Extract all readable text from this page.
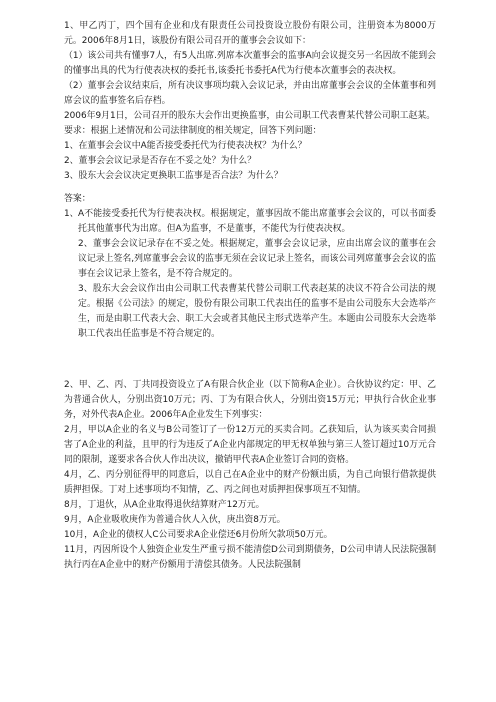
1、甲乙丙丁，四个国有企业和戊有限责任公司投资设立股份有限公司，注册资本为8000万元。2006年8月1日，该股份有限公司召开的董事会会议如下：

（1）该公司共有懂事7人，有5人出席.列席本次董事会的监事A向会议提交另一名因故不能到会的懂事出具的代为行使表决权的委托书,该委托书委托A代为行使本次董事会的表决权。

（2）董事会会议结束后，所有决议事项均载入会议记录，并由出席董事会会议的全体董事和列席会议的监事签名后存档。

2006年9月1日，公司召开的股东大会作出更换监事，由公司职工代表曹某代替公司职工赵某。

要求：根据上述情况和公司法律制度的相关规定，回答下列问题：

1、在董事会会议中A能否接受委托代为行使表决权？为什么？

2、董事会会议记录是否存在不妥之处？为什么？

3、股东大会会议决定更换职工监事是否合法？为什么？

答案：

1、 A不能接受委托代为行使表决权。根据规定，董事因故不能出席董事会会议的，可以书面委托其他董事代为出席。但A为监事，不是董事，不能代为行使表决权。
2、董事会会议记录存在不妥之处。根据规定，董事会会议记录，应由出席会议的董事在会议记录上签名,列席董事会会议的监事无须在会议记录上签名，而该公司列席董事会会议的监事在会议记录上签名，是不符合规定的。
3、股东大会会议作出由公司职工代表曹某代替公司职工代表赵某的决议不符合公司法的规定。根据《公司法》的规定，股份有限公司职工代表出任的监事不是由公司股东大会选举产生，而是由职工代表大会、职工大会或者其他民主形式选举产生。本题由公司股东大会选举职工代表出任监事是不符合规定的。

2、甲、乙、丙、丁共同投资设立了A有限合伙企业（以下简称A企业）。合伙协议约定：甲、乙为普通合伙人，分别出资10万元；丙、丁为有限合伙人，分别出资15万元；甲执行合伙企业事务，对外代表A企业。2006年A企业发生下列事实：

2月，甲以A企业的名义与B公司签订了一份12万元的买卖合同。乙获知后，认为该买卖合同损害了A企业的利益，且甲的行为违反了A企业内部规定的甲无权单独与第三人签订超过10万元合同的限制，遂要求各合伙人作出决议，撤销甲代表A企业签订合同的资格。

4月，乙、丙分别征得甲的同意后，以自己在A企业中的财产份额出质，为自己向银行借款提供质押担保。丁对上述事项均不知情，乙、丙之间也对质押担保事项互不知情。

8月，丁退伙，从A企业取得退伙结算财产12万元。

9月，A企业吸收庚作为普通合伙人入伙，庚出资8万元。

10月，A企业的债权人C公司要求A企业偿还6月份所欠款项50万元。

11月，丙因所设个人独资企业发生严重亏损不能清偿D公司到期债务，D公司申请人民法院强制执行丙在A企业中的财产份额用于清偿其债务。人民法院强制
